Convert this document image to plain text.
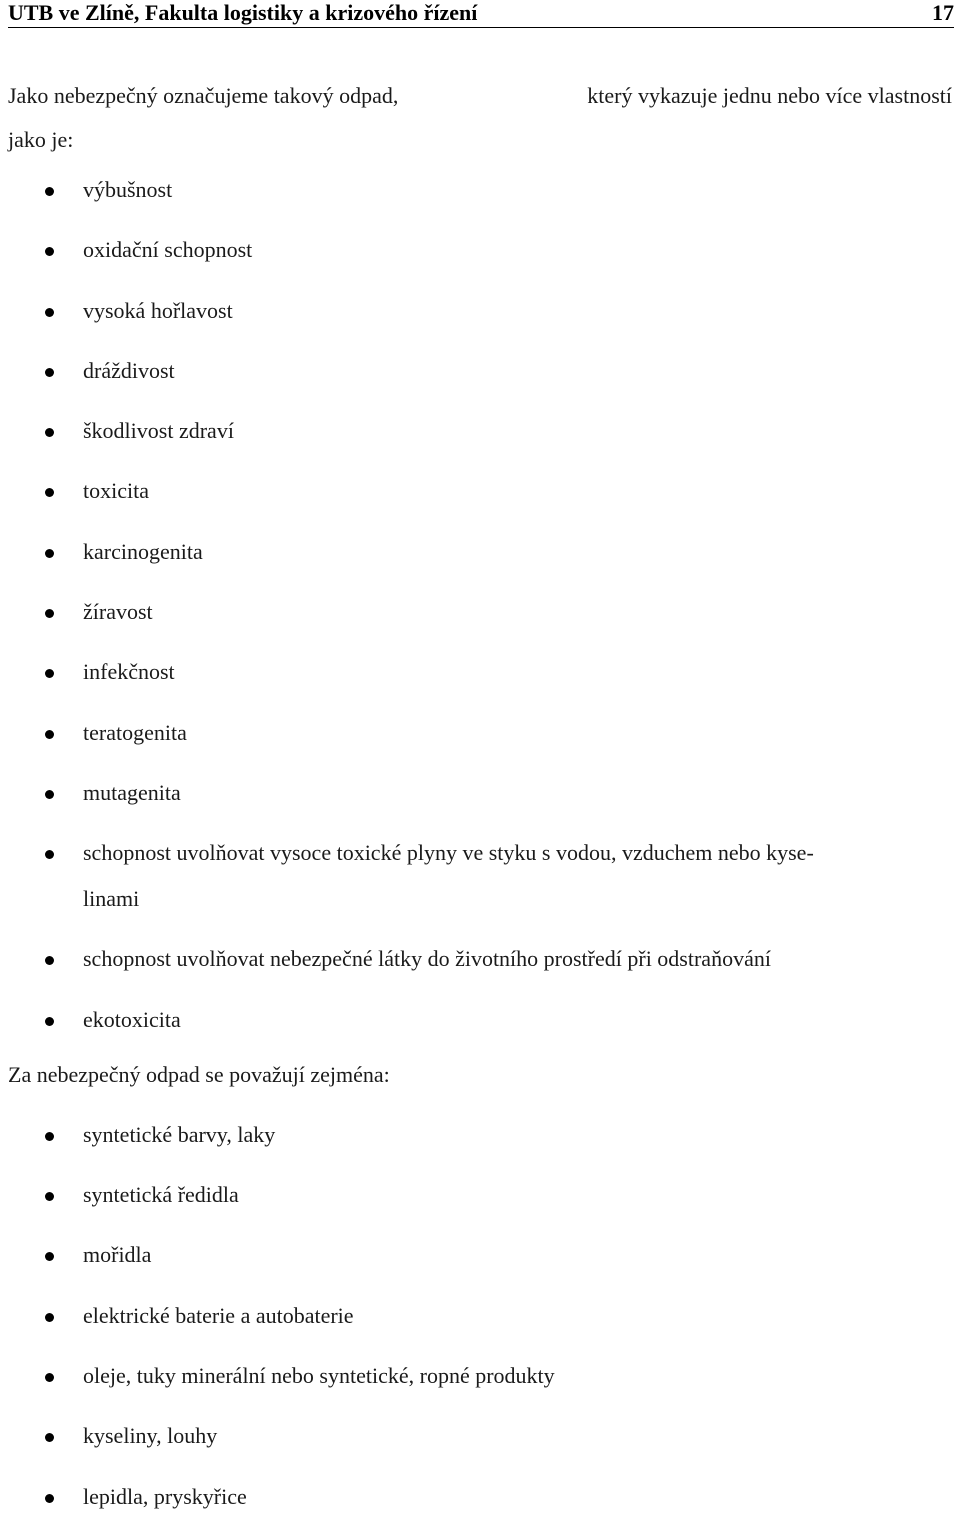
UTB ve Zlíně, Fakulta logistiky a krizového řízení	17
Jako nebezpečný označujeme takový odpad,	který vykazuje jednu nebo více vlastností
jako je:
výbušnost
oxidační schopnost
vysoká hořlavost
dráždivost
škodlivost zdraví
toxicita
karcinogenita
žíravost
infekčnost
teratogenita
mutagenita
schopnost uvolňovat vysoce toxické plyny ve styku s vodou, vzduchem nebo kyse-
linami
schopnost uvolňovat nebezpečné látky do životního prostředí při odstraňování
ekotoxicita
Za nebezpečný odpad se považují zejména:
syntetické barvy, laky
syntetická ředidla
mořidla
elektrické baterie a autobaterie
oleje, tuky minerální nebo syntetické, ropné produkty
kyseliny, louhy
lepidla, pryskyřice
